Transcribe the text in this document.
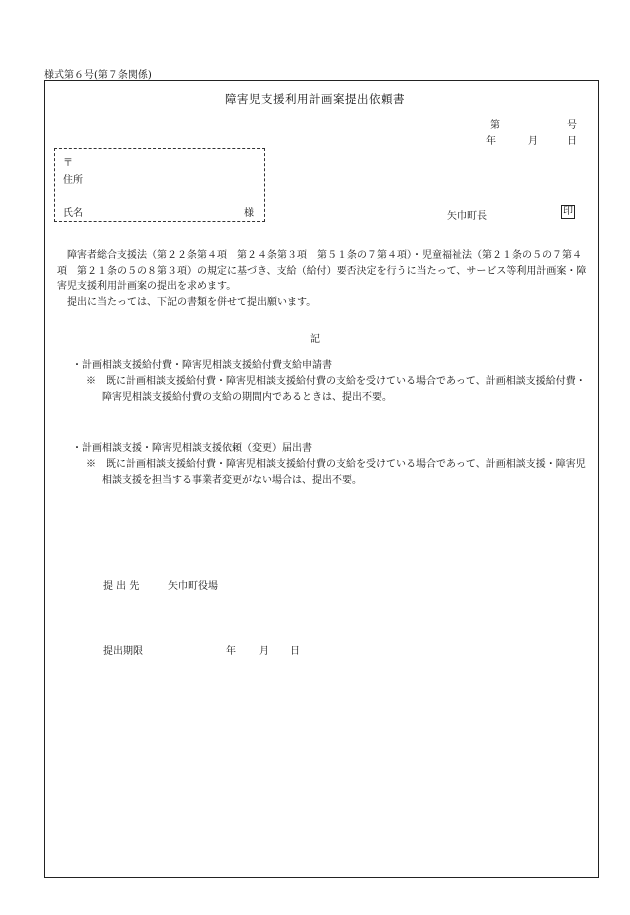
様式第６号(第７条関係)
障害児支援利用計画案提出依頼書
第	号
年	月	日
〒
住所
氏名	様	矢巾町長	印

障害者総合支援法（第２２条第４項　第２４条第３項　第５１条の７第４項）・児童福祉法（第２１条の５の７第４項　第２１条の５の８第３項）の規定に基づき、支給（給付）要否決定を行うに当たって、サービス等利用計画案・障害児支援利用計画案の提出を求めます。

提出に当たっては、下記の書類を併せて提出願います。

記
・計画相談支援給付費・障害児相談支援給付費支給申請書
※　既に計画相談支援給付費・障害児相談支援給付費の支給を受けている場合であって、計画相談支援給付費・障害児相談支援給付費の支給の期間内であるときは、提出不要。
・計画相談支援・障害児相談支援依頼（変更）届出書
※　既に計画相談支援給付費・障害児相談支援給付費の支給を受けている場合であって、計画相談支援・障害児相談支援を担当する事業者変更がない場合は、提出不要。
提 出 先	矢巾町役場
提出期限	年 月 日
